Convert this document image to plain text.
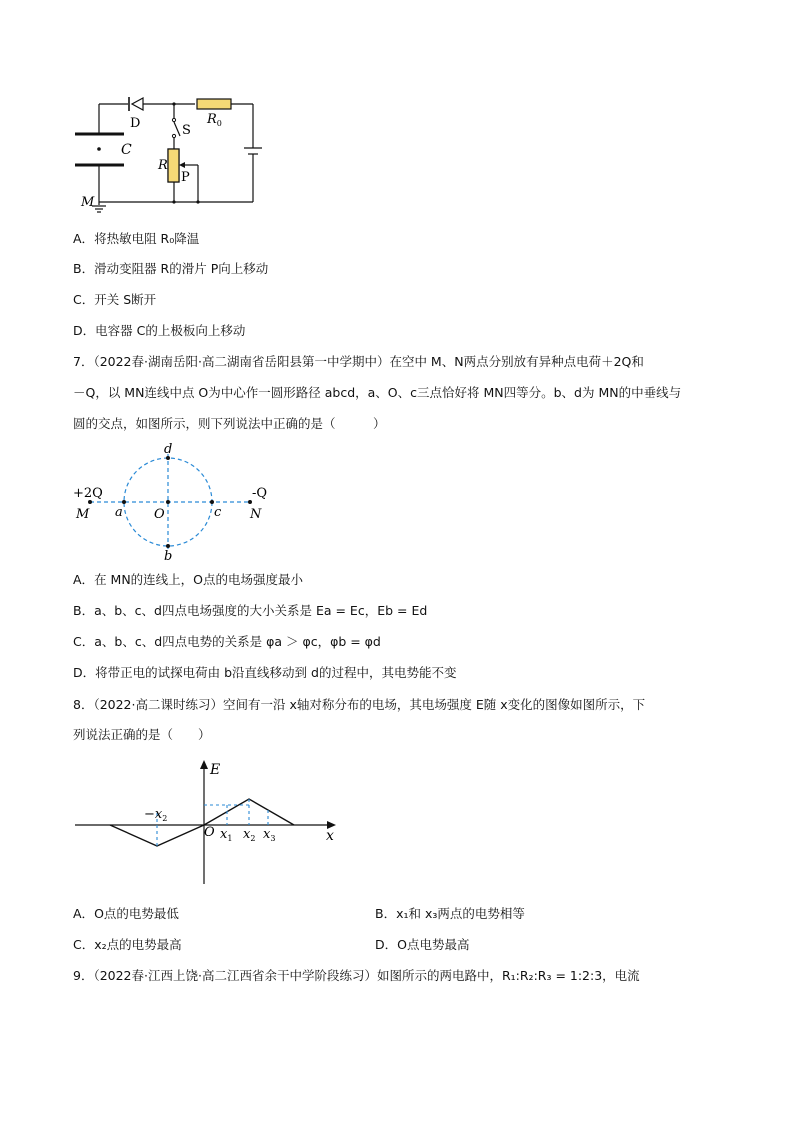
D	S
$R_0$
C
R
P
M
A．将热敏电阻 R₀降温
B．滑动变阻器 R的滑片 P向上移动
C．开关 S断开
D．电容器 C的上极板向上移动
7．（2022春·湖南岳阳·高二湖南省岳阳县第一中学期中）在空中 M、N两点分别放有异种点电荷＋2Q和
－Q，以 MN连线中点 O为中心作一圆形路径 abcd，a、O、c三点恰好将 MN四等分。b、d为 MN的中垂线与
圆的交点，如图所示，则下列说法中正确的是（　　　）
+2Q	-Q
M	N
a O	c
d
b
A．在 MN的连线上，O点的电场强度最小
B．a、b、c、d四点电场强度的大小关系是 Ea = Ec，Eb = Ed
C．a、b、c、d四点电势的关系是 φa ＞ φc，φb = φd
D．将带正电的试探电荷由 b沿直线移动到 d的过程中，其电势能不变
8．（2022·高二课时练习）空间有一沿 x轴对称分布的电场，其电场强度 E随 x变化的图像如图所示，下
列说法正确的是（　　）
E
x
O
$-x_2$
$x_1$ $x_2$ $x_3$
A．O点的电势最低	B．x₁和 x₃两点的电势相等
C．x₂点的电势最高	D．O点电势最高
9．（2022春·江西上饶·高二江西省余干中学阶段练习）如图所示的两电路中，R₁:R₂:R₃ = 1:2:3，电流
